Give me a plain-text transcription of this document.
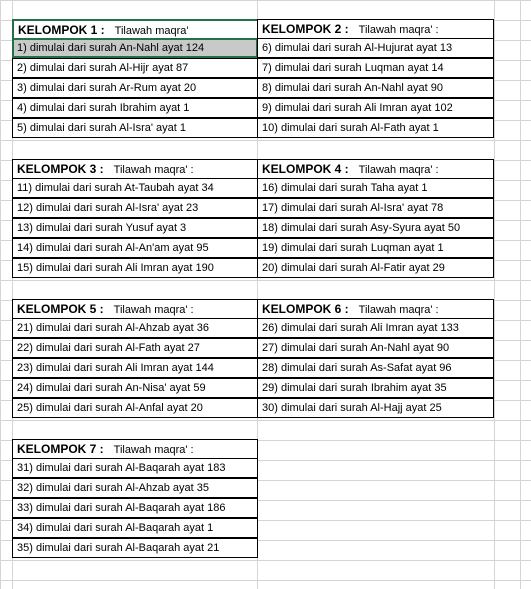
KELOMPOK 1 : Tilawah maqra'
1) dimulai dari surah An-Nahl ayat 124
2) dimulai dari surah Al-Hijr ayat 87
3) dimulai dari surah Ar-Rum ayat 20
4) dimulai dari surah Ibrahim ayat 1
5) dimulai dari surah Al-Isra' ayat 1
KELOMPOK 2 : Tilawah maqra' :
6) dimulai dari surah Al-Hujurat ayat 13
7) dimulai dari surah Luqman ayat 14
8) dimulai dari surah An-Nahl ayat 90
9) dimulai dari surah Ali Imran ayat 102
10) dimulai dari surah Al-Fath ayat 1
KELOMPOK 3 : Tilawah maqra' :
11) dimulai dari surah At-Taubah ayat 34
12) dimulai dari surah Al-Isra' ayat 23
13) dimulai dari surah Yusuf ayat 3
14) dimulai dari surah Al-An'am ayat 95
15) dimulai dari surah Ali Imran ayat 190
KELOMPOK 4 : Tilawah maqra' :
16) dimulai dari surah Taha ayat 1
17) dimulai dari surah Al-Isra' ayat 78
18) dimulai dari surah Asy-Syura ayat 50
19) dimulai dari surah Luqman ayat 1
20) dimulai dari surah Al-Fatir ayat 29
KELOMPOK 5 : Tilawah maqra' :
21) dimulai dari surah Al-Ahzab ayat 36
22) dimulai dari surah Al-Fath ayat 27
23) dimulai dari surah Ali Imran ayat 144
24) dimulai dari surah An-Nisa' ayat 59
25) dimulai dari surah Al-Anfal ayat 20
KELOMPOK 6 : Tilawah maqra' :
26) dimulai dari surah Ali Imran ayat 133
27) dimulai dari surah An-Nahl ayat 90
28) dimulai dari surah As-Safat ayat 96
29) dimulai dari surah Ibrahim ayat 35
30) dimulai dari surah Al-Hajj ayat 25
KELOMPOK 7 : Tilawah maqra' :
31) dimulai dari surah Al-Baqarah ayat 183
32) dimulai dari surah Al-Ahzab ayat 35
33) dimulai dari surah Al-Baqarah ayat 186
34) dimulai dari surah Al-Baqarah ayat 1
35) dimulai dari surah Al-Baqarah ayat 21
